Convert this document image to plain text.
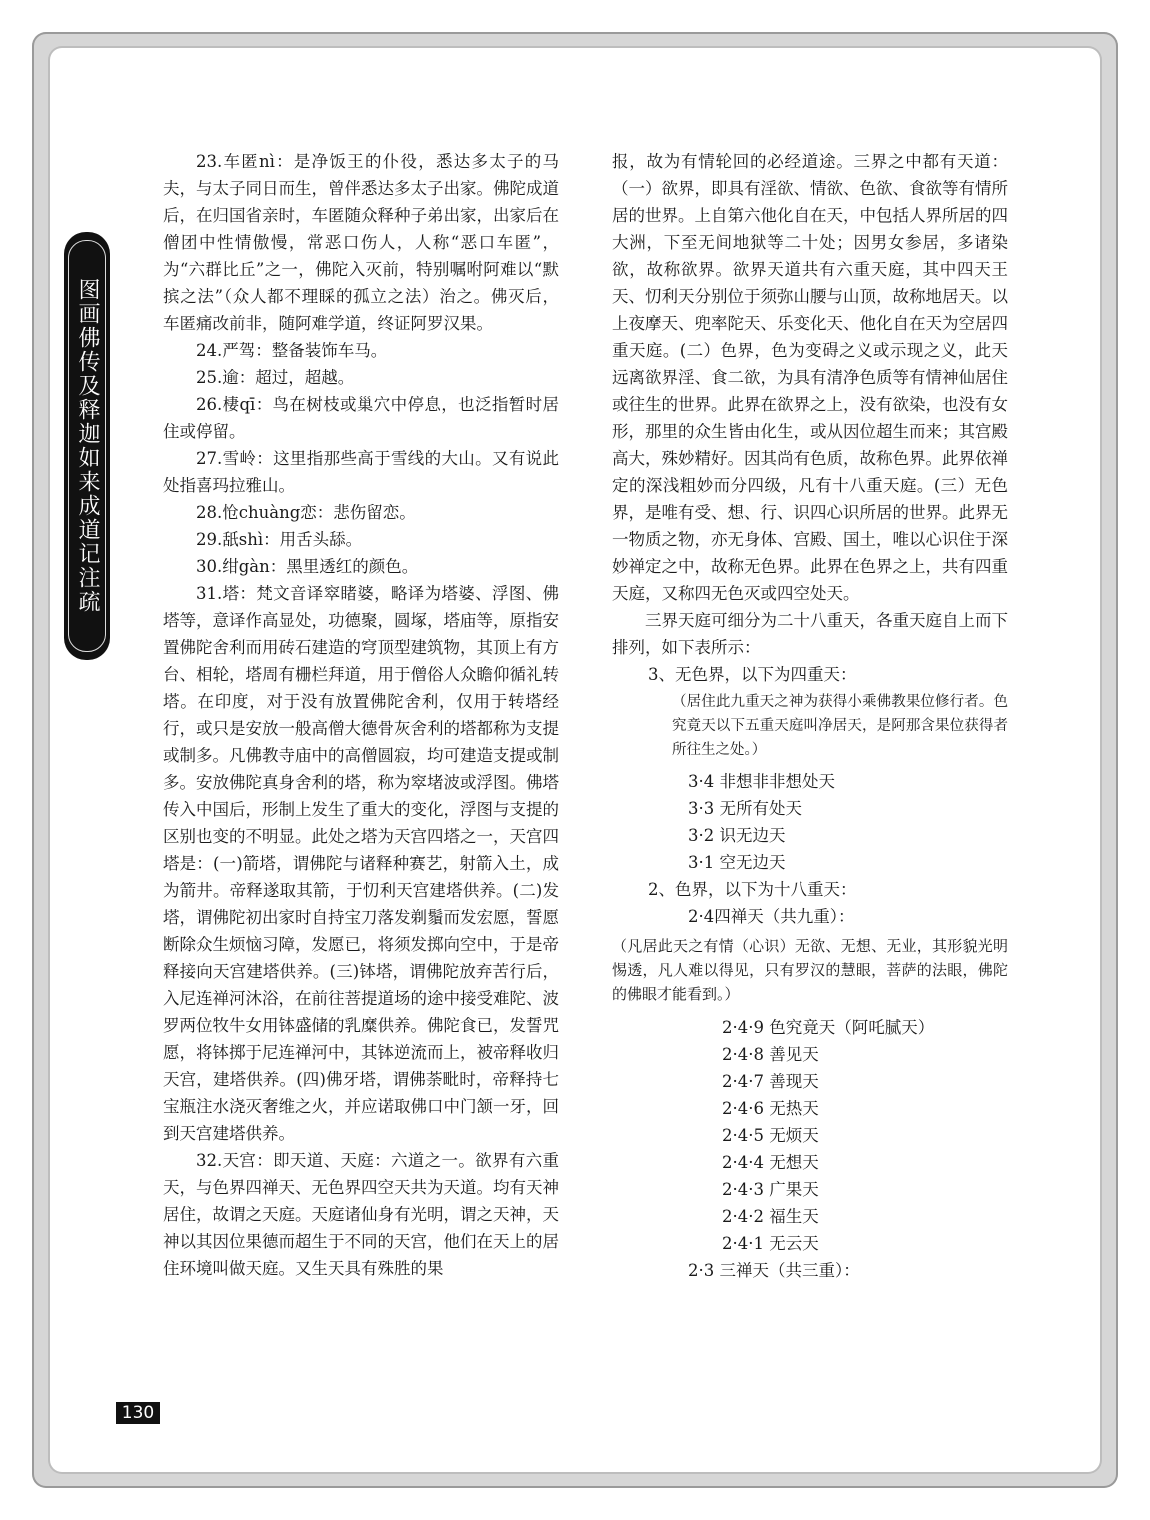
图画佛传及释迦如来成道记注疏

23.车匿nì：是净饭王的仆役，悉达多太子的马夫，与太子同日而生，曾伴悉达多太子出家。佛陀成道后，在归国省亲时，车匿随众释种子弟出家，出家后在僧团中性情傲慢，常恶口伤人，人称“恶口车匿”，为“六群比丘”之一，佛陀入灭前，特别嘱咐阿难以“默摈之法”（众人都不理睬的孤立之法）治之。佛灭后，车匿痛改前非，随阿难学道，终证阿罗汉果。

24.严驾：整备装饰车马。

25.逾：超过，超越。

26.棲qī：鸟在树枝或巢穴中停息，也泛指暂时居住或停留。

27.雪岭：这里指那些高于雪线的大山。又有说此处指喜玛拉雅山。

28.怆chuàng恋：悲伤留恋。

29.舐shì：用舌头舔。

30.绀gàn：黑里透红的颜色。

31.塔：梵文音译窣睹婆，略译为塔婆、浮图、佛塔等，意译作高显处，功德聚，圆塚，塔庙等，原指安置佛陀舍利而用砖石建造的穹顶型建筑物，其顶上有方台、相轮，塔周有栅栏拜道，用于僧俗人众瞻仰循礼转塔。在印度，对于没有放置佛陀舍利，仅用于转塔经行，或只是安放一般高僧大德骨灰舍利的塔都称为支提或制多。凡佛教寺庙中的高僧圆寂，均可建造支提或制多。安放佛陀真身舍利的塔，称为窣堵波或浮图。佛塔传入中国后，形制上发生了重大的变化，浮图与支提的区别也变的不明显。此处之塔为天宫四塔之一，天宫四塔是：(一)箭塔，谓佛陀与诸释种赛艺，射箭入土，成为箭井。帝释遂取其箭，于忉利天宫建塔供养。(二)发塔，谓佛陀初出家时自持宝刀落发剃鬚而发宏愿，誓愿断除众生烦恼习障，发愿已，将须发掷向空中，于是帝释接向天宫建塔供养。(三)钵塔，谓佛陀放弃苦行后，入尼连禅河沐浴，在前往菩提道场的途中接受难陀、波罗两位牧牛女用钵盛储的乳糜供养。佛陀食已，发誓咒愿，将钵掷于尼连禅河中，其钵逆流而上，被帝释收归天宫，建塔供养。(四)佛牙塔，谓佛荼毗时，帝释持七宝瓶注水浇灭奢维之火，并应诺取佛口中门颔一牙，回到天宫建塔供养。

32.天宫：即天道、天庭：六道之一。欲界有六重天，与色界四禅天、无色界四空天共为天道。均有天神居住，故谓之天庭。天庭诸仙身有光明，谓之天神，天神以其因位果德而超生于不同的天宫，他们在天上的居住环境叫做天庭。又生天具有殊胜的果

报，故为有情轮回的必经道途。三界之中都有天道：（一）欲界，即具有淫欲、情欲、色欲、食欲等有情所居的世界。上自第六他化自在天，中包括人界所居的四大洲，下至无间地狱等二十处；因男女参居，多诸染欲，故称欲界。欲界天道共有六重天庭，其中四天王天、忉利天分别位于须弥山腰与山顶，故称地居天。以上夜摩天、兜率陀天、乐变化天、他化自在天为空居四重天庭。(二）色界，色为变碍之义或示现之义，此天远离欲界淫、食二欲，为具有清净色质等有情神仙居住或往生的世界。此界在欲界之上，没有欲染，也没有女形，那里的众生皆由化生，或从因位超生而来；其宫殿高大，殊妙精好。因其尚有色质，故称色界。此界依禅定的深浅粗妙而分四级，凡有十八重天庭。(三）无色界，是唯有受、想、行、识四心识所居的世界。此界无一物质之物，亦无身体、宫殿、国土，唯以心识住于深妙禅定之中，故称无色界。此界在色界之上，共有四重天庭，又称四无色灭或四空处天。

三界天庭可细分为二十八重天，各重天庭自上而下排列，如下表所示：

3、无色界，以下为四重天：

（居住此九重天之神为获得小乘佛教果位修行者。色究竟天以下五重天庭叫净居天，是阿那含果位获得者所往生之处。）

3·4 非想非非想处天

3·3 无所有处天

3·2 识无边天

3·1 空无边天

2、色界，以下为十八重天：

2·4四禅天（共九重）：

（凡居此天之有情（心识）无欲、无想、无业，其形貌光明惕透，凡人难以得见，只有罗汉的慧眼，菩萨的法眼，佛陀的佛眼才能看到。）

2·4·9 色究竟天（阿吒腻天）

2·4·8 善见天

2·4·7 善现天

2·4·6 无热天

2·4·5 无烦天

2·4·4 无想天

2·4·3 广果天

2·4·2 福生天

2·4·1 无云天

2·3 三禅天（共三重）：

130
